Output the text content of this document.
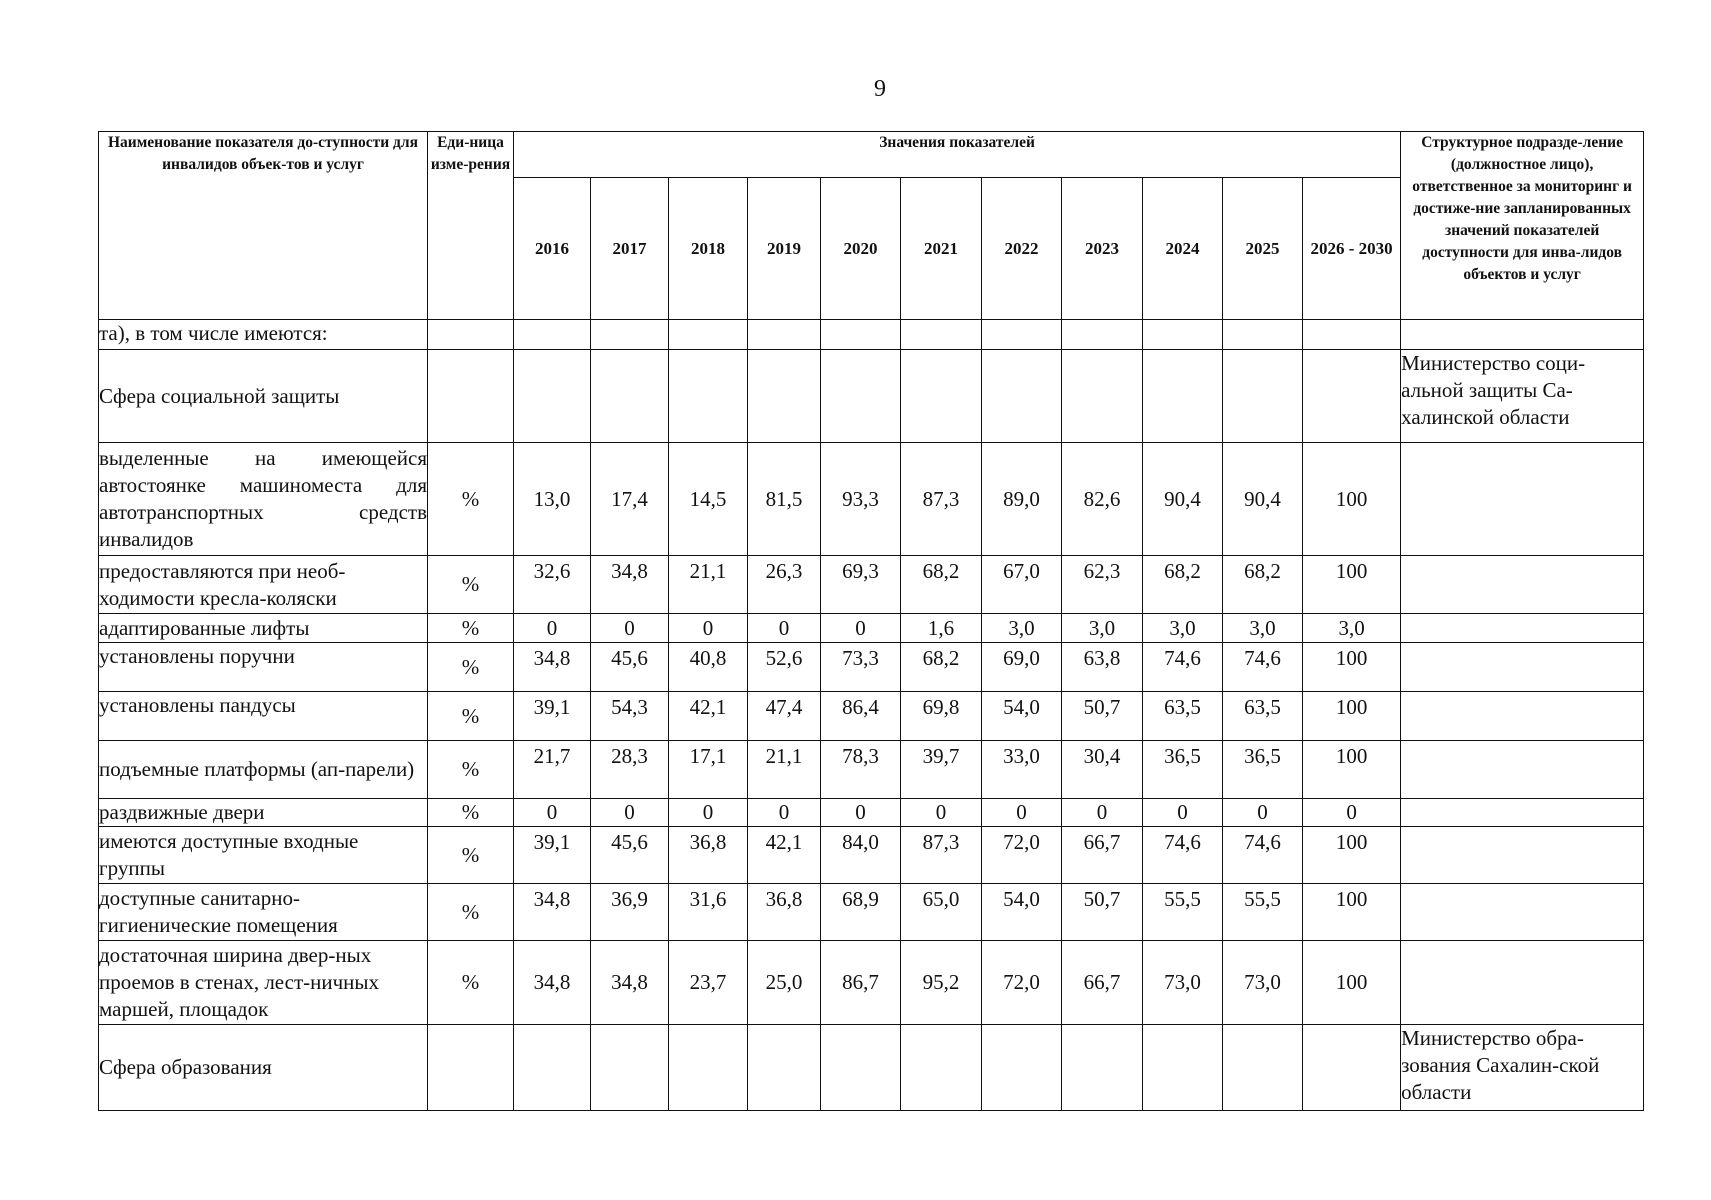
9
Наименование показателя до-ступности для инвалидов объек-тов и услуг	Еди-ница изме-рения	Значения показателей											Структурное подразде-ление (должностное лицо), ответственное за мониторинг и достиже-ние запланированных значений показателей доступности для инва-лидов объектов и услуг
		2016	2017	2018	2019	2020	2021	2022	2023	2024	2025	2026 - 2030	
та), в том числе имеются:													
Сфера социальной защиты													Министерство соци-альной защиты Са-халинской области
выделенные на имеющейся автостоянке машиноместа для автотранспортных средств инвалидов	%	13,0	17,4	14,5	81,5	93,3	87,3	89,0	82,6	90,4	90,4	100	
предоставляются при необ-ходимости кресла-коляски	%	32,6	34,8	21,1	26,3	69,3	68,2	67,0	62,3	68,2	68,2	100	
адаптированные лифты	%	0	0	0	0	0	1,6	3,0	3,0	3,0	3,0	3,0	
установлены поручни	%	34,8	45,6	40,8	52,6	73,3	68,2	69,0	63,8	74,6	74,6	100	
установлены пандусы	%	39,1	54,3	42,1	47,4	86,4	69,8	54,0	50,7	63,5	63,5	100	
подъемные платформы (ап-парели)	%	21,7	28,3	17,1	21,1	78,3	39,7	33,0	30,4	36,5	36,5	100	
раздвижные двери	%	0	0	0	0	0	0	0	0	0	0	0	
имеются доступные входные группы	%	39,1	45,6	36,8	42,1	84,0	87,3	72,0	66,7	74,6	74,6	100	
доступные санитарно-гигиенические помещения	%	34,8	36,9	31,6	36,8	68,9	65,0	54,0	50,7	55,5	55,5	100	
достаточная ширина двер-ных проемов в стенах, лест-ничных маршей, площадок	%	34,8	34,8	23,7	25,0	86,7	95,2	72,0	66,7	73,0	73,0	100	
Сфера образования													Министерство обра-зования Сахалин-ской области
